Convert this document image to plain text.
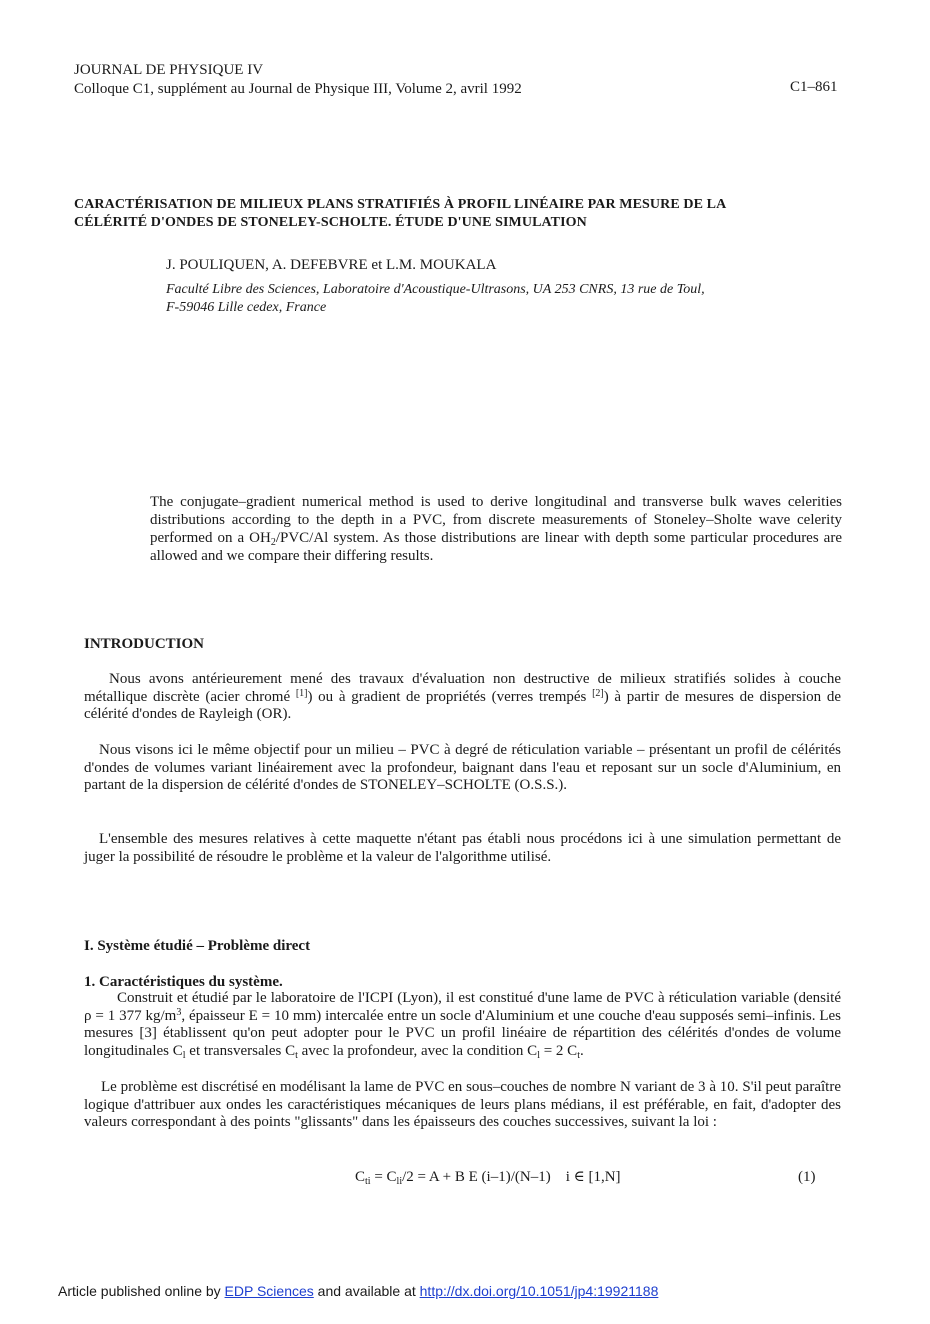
JOURNAL DE PHYSIQUE IV
Colloque C1, supplément au Journal de Physique III, Volume 2, avril 1992	C1–861
CARACTÉRISATION DE MILIEUX PLANS STRATIFIÉS À PROFIL LINÉAIRE PAR MESURE DE LA
CÉLÉRITÉ D'ONDES DE STONELEY-SCHOLTE. ÉTUDE D'UNE SIMULATION
J. POULIQUEN, A. DEFEBVRE et L.M. MOUKALA
Faculté Libre des Sciences, Laboratoire d'Acoustique-Ultrasons, UA 253 CNRS, 13 rue de Toul,
F-59046 Lille cedex, France
The conjugate–gradient numerical method is used to derive longitudinal and transverse bulk waves celerities distributions according to the depth in a PVC, from discrete measurements of Stoneley–Sholte wave celerity performed on a $OH_2/PVC/Al$ system. As those distributions are linear with depth some particular procedures are allowed and we compare their differing results.
INTRODUCTION
Nous avons antérieurement mené des travaux d'évaluation non destructive de milieux stratifiés solides à couche métallique discrète (acier chromé [1]) ou à gradient de propriétés (verres trempés [2]) à partir de mesures de dispersion de célérité d'ondes de Rayleigh (OR).
Nous visons ici le même objectif pour un milieu – PVC à degré de réticulation variable – présentant un profil de célérités d'ondes de volumes variant linéairement avec la profondeur, baignant dans l'eau et reposant sur un socle d'Aluminium, en partant de la dispersion de célérité d'ondes de STONELEY–SCHOLTE (O.S.S.).
L'ensemble des mesures relatives à cette maquette n'étant pas établi nous procédons ici à une simulation permettant de juger la possibilité de résoudre le problème et la valeur de l'algorithme utilisé.
I. Système étudié – Problème direct
1. Caractéristiques du système.
Construit et étudié par le laboratoire de l'ICPI (Lyon), il est constitué d'une lame de PVC à réticulation variable (densité ρ = 1 377 $kg/m^3$, épaisseur E = 10 mm) intercalée entre un socle d'Aluminium et une couche d'eau supposés semi–infinis. Les mesures [3] établissent qu'on peut adopter pour le PVC un profil linéaire de répartition des célérités d'ondes de volume longitudinales $C_l$ et transversales $C_t$ avec la profondeur, avec la condition $C_l = 2$ $C_t$.
Le problème est discrétisé en modélisant la lame de PVC en sous–couches de nombre N variant de 3 à 10. S'il peut paraître logique d'attribuer aux ondes les caractéristiques mécaniques de leurs plans médians, il est préférable, en fait, d'adopter des valeurs correspondant à des points "glissants" dans les épaisseurs des couches successives, suivant la loi :
$C_{ti} = C_{li}/2 = A + B$ E (i–1)/(N–1)    i ∈ [1,N]	(1)
Article published online by EDP Sciences and available at http://dx.doi.org/10.1051/jp4:19921188
